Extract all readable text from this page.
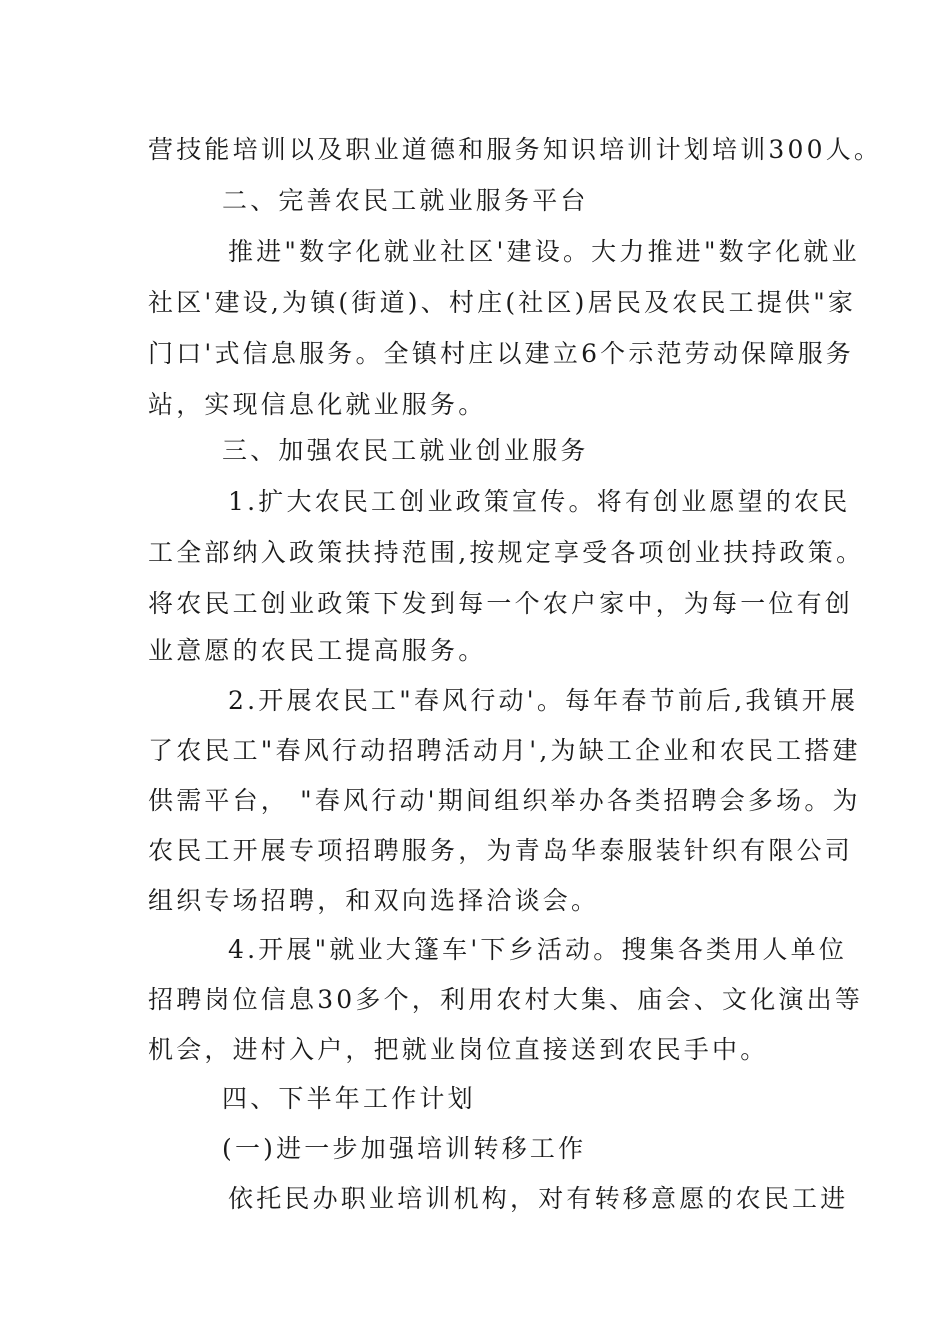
营技能培训以及职业道德和服务知识培训计划培训300人。
二、完善农民工就业服务平台
推进"数字化就业社区'建设。大力推进"数字化就业
社区'建设,为镇(街道)、村庄(社区)居民及农民工提供"家
门口'式信息服务。全镇村庄以建立6个示范劳动保障服务
站，实现信息化就业服务。
三、加强农民工就业创业服务
1.扩大农民工创业政策宣传。将有创业愿望的农民
工全部纳入政策扶持范围,按规定享受各项创业扶持政策。
将农民工创业政策下发到每一个农户家中，为每一位有创
业意愿的农民工提高服务。
2.开展农民工"春风行动'。每年春节前后,我镇开展
了农民工"春风行动招聘活动月',为缺工企业和农民工搭建
供需平台， "春风行动'期间组织举办各类招聘会多场。为
农民工开展专项招聘服务，为青岛华泰服装针织有限公司
组织专场招聘，和双向选择洽谈会。
4.开展"就业大篷车'下乡活动。搜集各类用人单位
招聘岗位信息30多个，利用农村大集、庙会、文化演出等
机会，进村入户，把就业岗位直接送到农民手中。
四、下半年工作计划
(一)进一步加强培训转移工作
依托民办职业培训机构，对有转移意愿的农民工进
